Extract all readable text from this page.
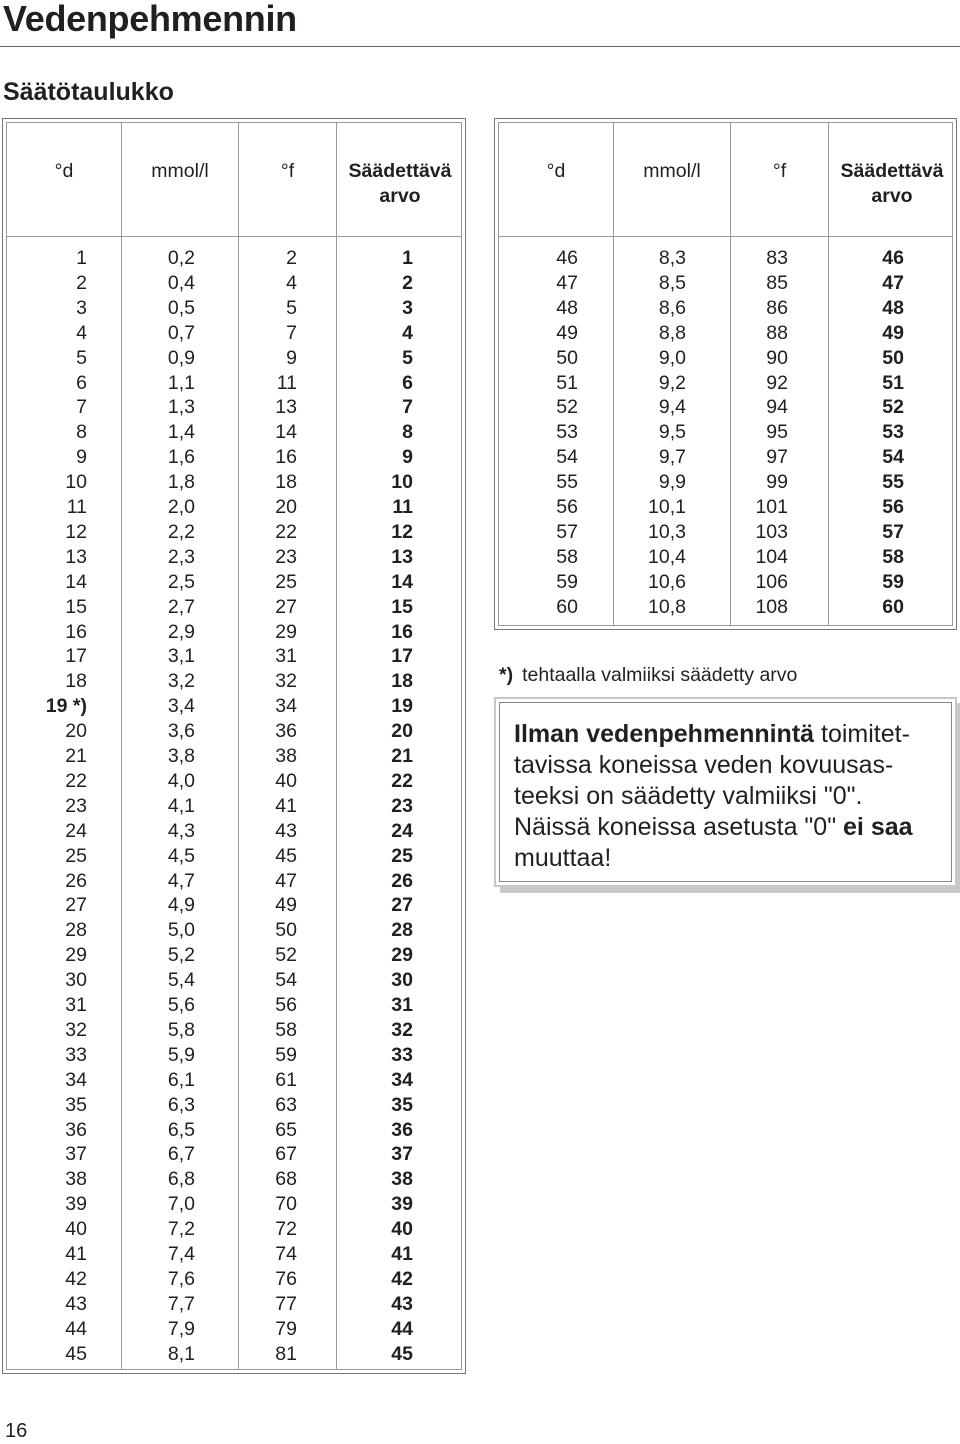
Vedenpehmennin
Säätötaulukko
°d	mmol/l	°f	Säädettävä
arvo
1	0,2	2	1
2	0,4	4	2
3	0,5	5	3
4	0,7	7	4
5	0,9	9	5
6	1,1	11	6
7	1,3	13	7
8	1,4	14	8
9	1,6	16	9
10	1,8	18	10
11	2,0	20	11
12	2,2	22	12
13	2,3	23	13
14	2,5	25	14
15	2,7	27	15
16	2,9	29	16
17	3,1	31	17
18	3,2	32	18
19 *)	3,4	34	19
20	3,6	36	20
21	3,8	38	21
22	4,0	40	22
23	4,1	41	23
24	4,3	43	24
25	4,5	45	25
26	4,7	47	26
27	4,9	49	27
28	5,0	50	28
29	5,2	52	29
30	5,4	54	30
31	5,6	56	31
32	5,8	58	32
33	5,9	59	33
34	6,1	61	34
35	6,3	63	35
36	6,5	65	36
37	6,7	67	37
38	6,8	68	38
39	7,0	70	39
40	7,2	72	40
41	7,4	74	41
42	7,6	76	42
43	7,7	77	43
44	7,9	79	44
45	8,1	81	45
°d	mmol/l	°f	Säädettävä
arvo
46	8,3	83	46
47	8,5	85	47
48	8,6	86	48
49	8,8	88	49
50	9,0	90	50
51	9,2	92	51
52	9,4	94	52
53	9,5	95	53
54	9,7	97	54
55	9,9	99	55
56	10,1	101	56
57	10,3	103	57
58	10,4	104	58
59	10,6	106	59
60	10,8	108	60
*) tehtaalla valmiiksi säädetty arvo

Ilman vedenpehmennintä toimitet-
tavissa koneissa veden kovuusas-
teeksi on säädetty valmiiksi "0".
Näissä koneissa asetusta "0" ei saa
muuttaa!

16
